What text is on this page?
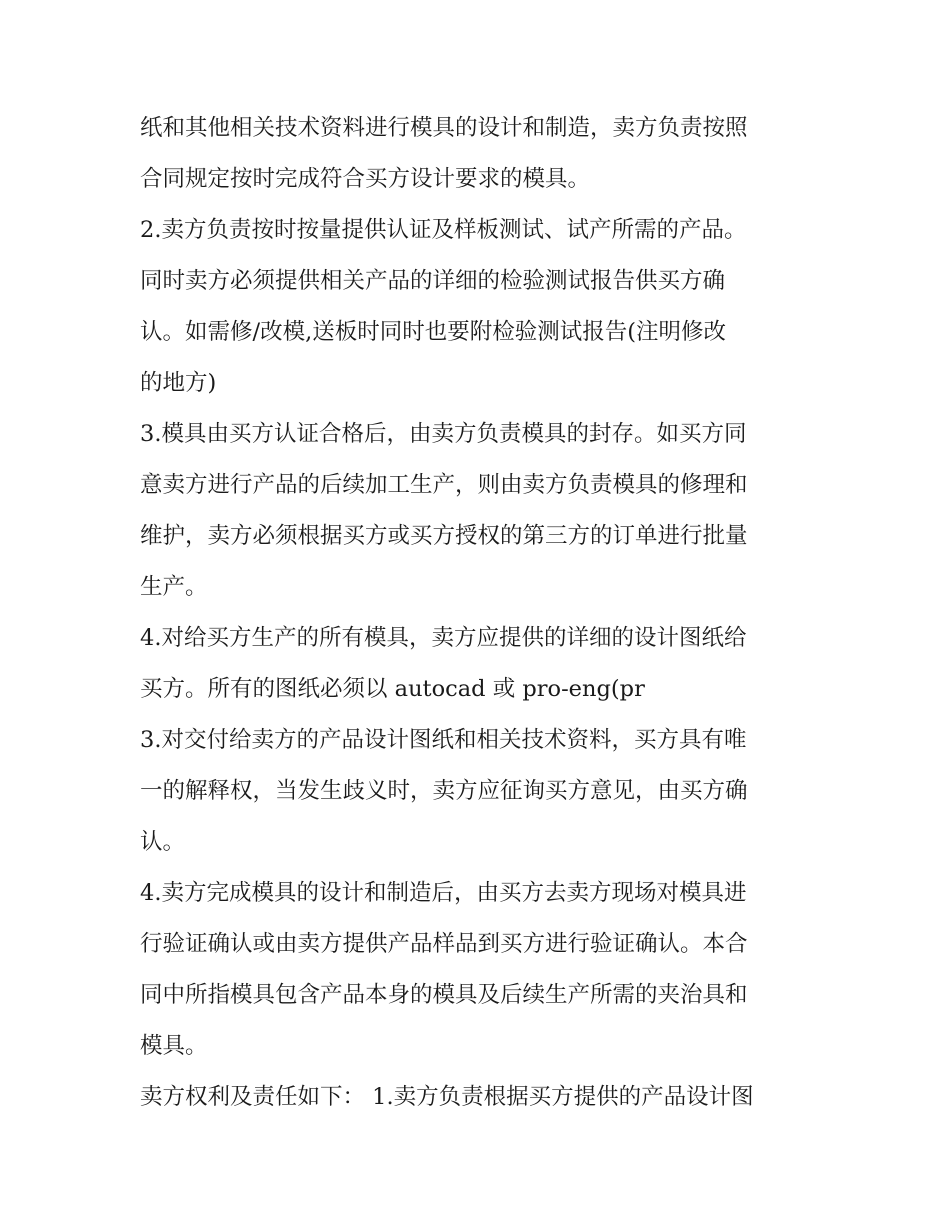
纸和其他相关技术资料进行模具的设计和制造，卖方负责按照
合同规定按时完成符合买方设计要求的模具。
2.卖方负责按时按量提供认证及样板测试、试产所需的产品。
同时卖方必须提供相关产品的详细的检验测试报告供买方确
认。如需修/改模,送板时同时也要附检验测试报告(注明修改
的地方)
3.模具由买方认证合格后，由卖方负责模具的封存。如买方同
意卖方进行产品的后续加工生产，则由卖方负责模具的修理和
维护，卖方必须根据买方或买方授权的第三方的订单进行批量
生产。
4.对给买方生产的所有模具，卖方应提供的详细的设计图纸给
买方。所有的图纸必须以 autocad 或 pro-eng(pr
3.对交付给卖方的产品设计图纸和相关技术资料，买方具有唯
一的解释权，当发生歧义时，卖方应征询买方意见，由买方确
认。
4.卖方完成模具的设计和制造后，由买方去卖方现场对模具进
行验证确认或由卖方提供产品样品到买方进行验证确认。本合
同中所指模具包含产品本身的模具及后续生产所需的夹治具和
模具。
卖方权利及责任如下： 1.卖方负责根据买方提供的产品设计图
